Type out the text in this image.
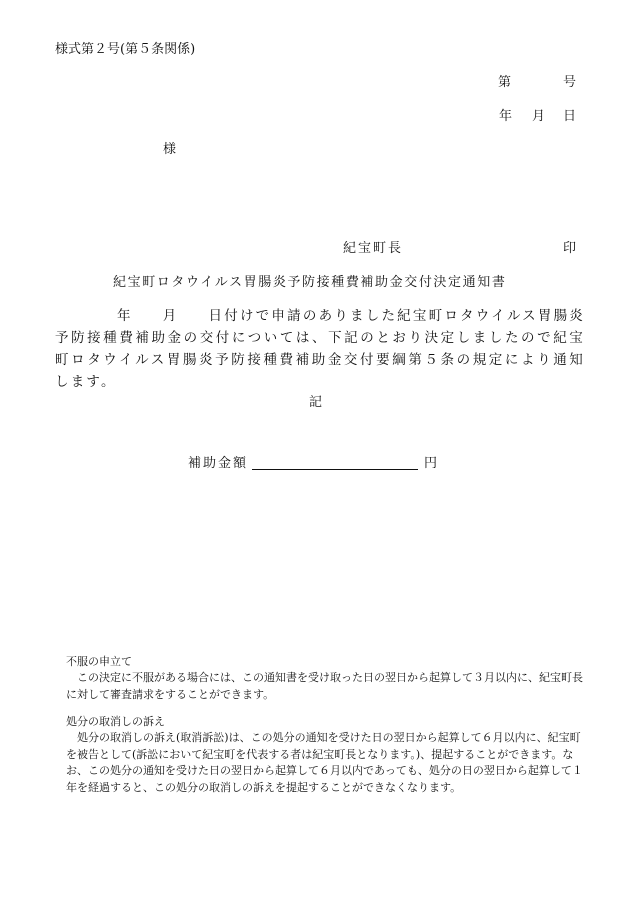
様式第２号(第５条関係)
第	号
年 月 日
様
紀宝町長	印
紀宝町ロタウイルス胃腸炎予防接種費補助金交付決定通知書
年 月 日付けで申請のありました紀宝町ロタウイルス胃腸炎予防接種費補助金の交付については、下記のとおり決定しましたので紀宝町ロタウイルス胃腸炎予防接種費補助金交付要綱第５条の規定により通知します。
記
補助金額	円
不服の申立て
この決定に不服がある場合には、この通知書を受け取った日の翌日から起算して３月以内に、紀宝町長に対して審査請求をすることができます。
処分の取消しの訴え
処分の取消しの訴え(取消訴訟)は、この処分の通知を受けた日の翌日から起算して６月以内に、紀宝町を被告として(訴訟において紀宝町を代表する者は紀宝町長となります。)、提起することができます。なお、この処分の通知を受けた日の翌日から起算して６月以内であっても、処分の日の翌日から起算して１年を経過すると、この処分の取消しの訴えを提起することができなくなります。
